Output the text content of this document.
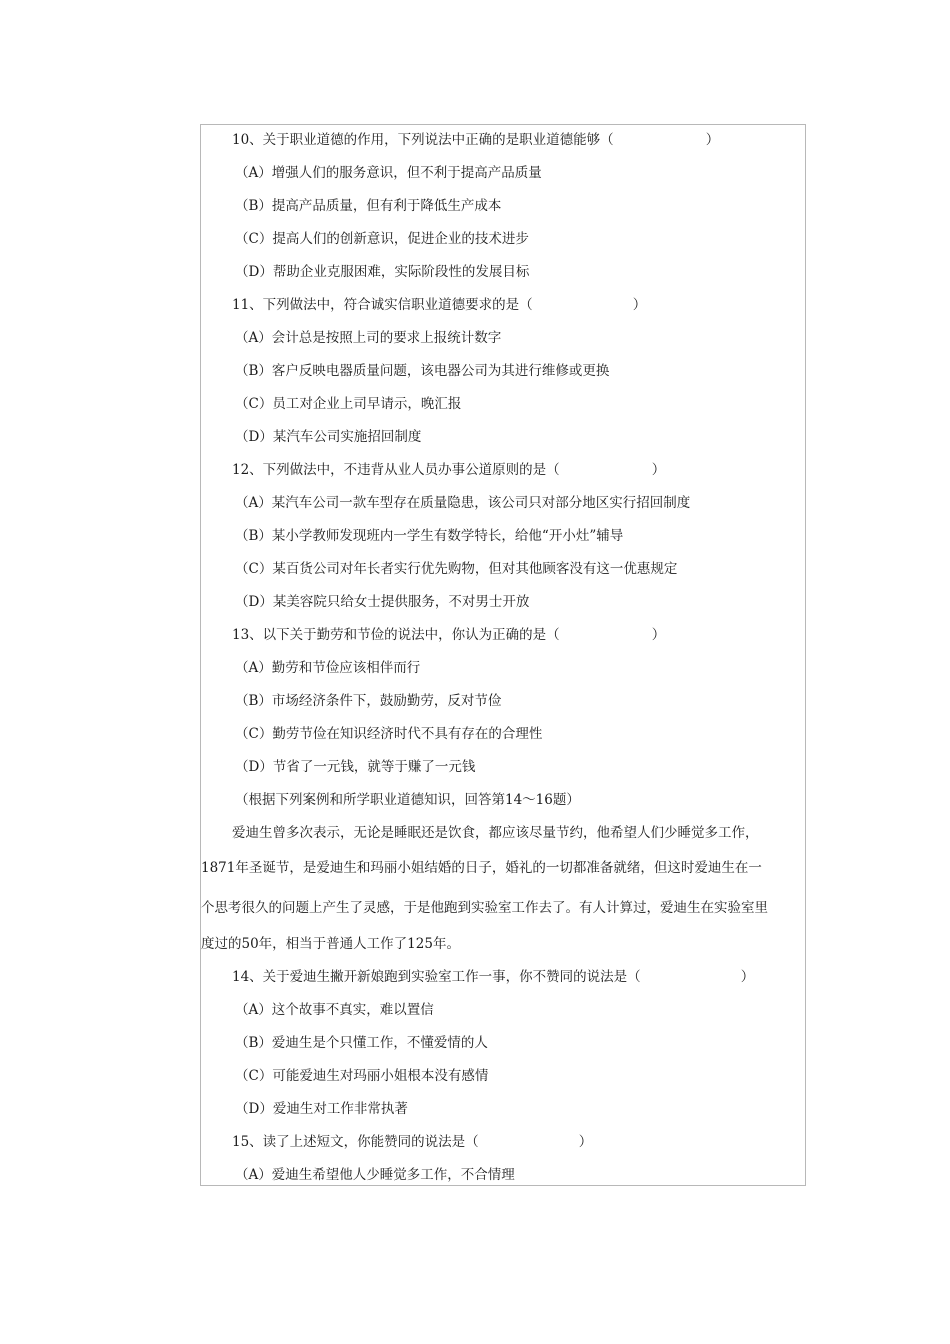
10、关于职业道德的作用，下列说法中正确的是职业道德能够（	）
（A）增强人们的服务意识，但不利于提高产品质量
（B）提高产品质量，但有利于降低生产成本
（C）提高人们的创新意识，促进企业的技术进步
（D）帮助企业克服困难，实际阶段性的发展目标
11、下列做法中，符合诚实信职业道德要求的是（	）
（A）会计总是按照上司的要求上报统计数字
（B）客户反映电器质量问题，该电器公司为其进行维修或更换
（C）员工对企业上司早请示，晚汇报
（D）某汽车公司实施招回制度
12、下列做法中，不违背从业人员办事公道原则的是（	）
（A）某汽车公司一款车型存在质量隐患，该公司只对部分地区实行招回制度
（B）某小学教师发现班内一学生有数学特长，给他“开小灶”辅导
（C）某百货公司对年长者实行优先购物，但对其他顾客没有这一优惠规定
（D）某美容院只给女士提供服务，不对男士开放
13、以下关于勤劳和节俭的说法中，你认为正确的是（	）
（A）勤劳和节俭应该相伴而行
（B）市场经济条件下，鼓励勤劳，反对节俭
（C）勤劳节俭在知识经济时代不具有存在的合理性
（D）节省了一元钱，就等于赚了一元钱
（根据下列案例和所学职业道德知识，回答第14～16题）
爱迪生曾多次表示，无论是睡眠还是饮食，都应该尽量节约，他希望人们少睡觉多工作，
1871年圣诞节，是爱迪生和玛丽小姐结婚的日子，婚礼的一切都准备就绪，但这时爱迪生在一
个思考很久的问题上产生了灵感，于是他跑到实验室工作去了。有人计算过，爱迪生在实验室里
度过的50年，相当于普通人工作了125年。
14、关于爱迪生撇开新娘跑到实验室工作一事，你不赞同的说法是（	）
（A）这个故事不真实，难以置信
（B）爱迪生是个只懂工作，不懂爱情的人
（C）可能爱迪生对玛丽小姐根本没有感情
（D）爱迪生对工作非常执著
15、读了上述短文，你能赞同的说法是（	）
（A）爱迪生希望他人少睡觉多工作，不合情理
